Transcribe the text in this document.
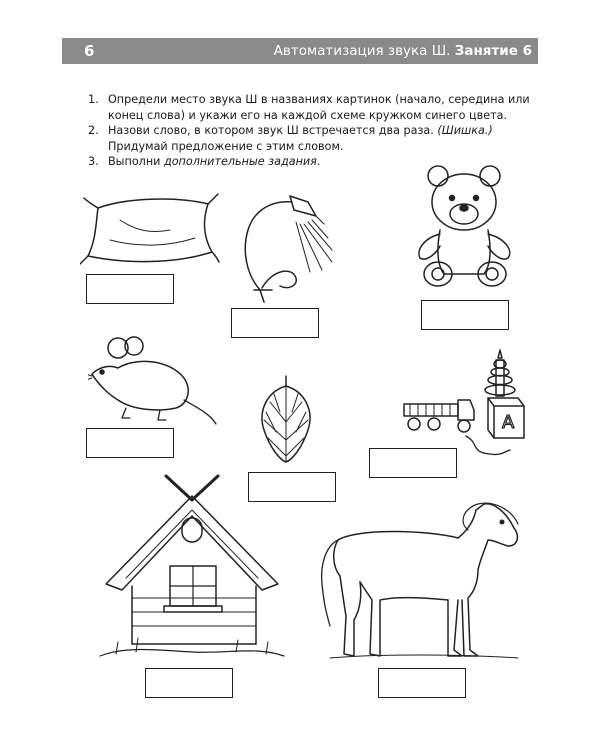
6	Автоматизация звука Ш. Занятие 6
1. Определи место звука Ш в названиях картинок (начало, середина или конец слова) и укажи его на каждой схеме кружком синего цвета.
2. Назови слово, в котором звук Ш встречается два раза. (Шишка.) Придумай предложение с этим словом.
3. Выполни дополнительные задания.
А
